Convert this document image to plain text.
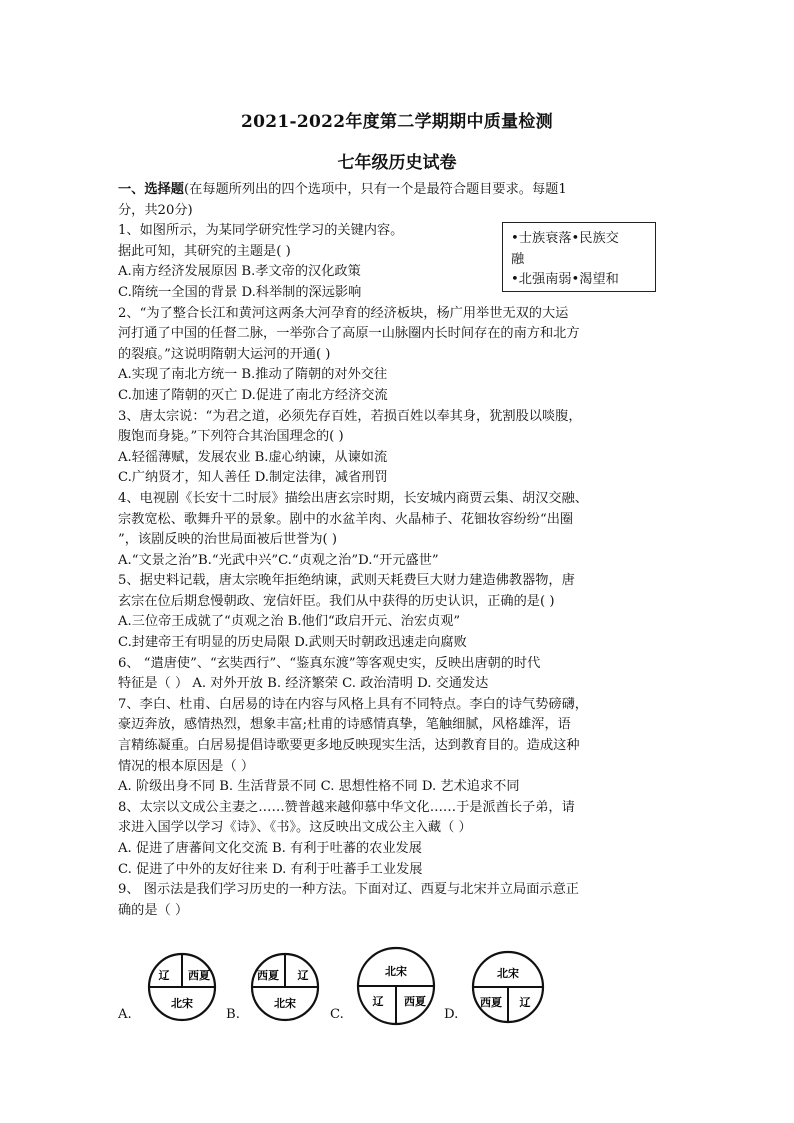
2021-2022年度第二学期期中质量检测
七年级历史试卷
•士族衰落•民族交
融
•北强南弱•渴望和
一、选择题(在每题所列出的四个选项中，只有一个是最符合题目要求。每题1
分，共20分)
1、如图所示，为某同学研究性学习的关键内容。
据此可知，其研究的主题是( )
A.南方经济发展原因 B.孝文帝的汉化政策
C.隋统一全国的背景 D.科举制的深远影响
2、“为了整合长江和黄河这两条大河孕育的经济板块，杨广用举世无双的大运
河打通了中国的任督二脉，一举弥合了高原一山脉圈内长时间存在的南方和北方
的裂痕。”这说明隋朝大运河的开通( )
A.实现了南北方统一 B.推动了隋朝的对外交往
C.加速了隋朝的灭亡 D.促进了南北方经济交流
3、唐太宗说：“为君之道，必须先存百姓，若损百姓以奉其身，犹割股以啖腹，
腹饱而身毙。”下列符合其治国理念的( )
A.轻徭薄赋，发展农业 B.虚心纳谏，从谏如流
C.广纳贤才，知人善任 D.制定法律，减省刑罚
4、电视剧《长安十二时辰》描绘出唐玄宗时期，长安城内商贾云集、胡汉交融、
宗教宽松、歌舞升平的景象。剧中的水盆羊肉、火晶柿子、花钿妆容纷纷“出圈
”，该剧反映的治世局面被后世誉为( )
A.“文景之治”B.“光武中兴”C.“贞观之治”D.“开元盛世”
5、据史料记载，唐太宗晚年拒绝纳谏，武则天耗费巨大财力建造佛教器物，唐
玄宗在位后期怠慢朝政、宠信奸臣。我们从中获得的历史认识，正确的是( )
A.三位帝王成就了“贞观之治 B.他们“政启开元、治宏贞观”
C.封建帝王有明显的历史局限 D.武则天时朝政迅速走向腐败
6、 “遣唐使”、“玄奘西行”、“鉴真东渡”等客观史实，反映出唐朝的时代
特征是（ ） A. 对外开放 B. 经济繁荣 C. 政治清明 D. 交通发达
7、李白、杜甫、白居易的诗在内容与风格上具有不同特点。李白的诗气势磅礴，
豪迈奔放，感情热烈，想象丰富;杜甫的诗感情真挚，笔触细腻，风格雄浑，语
言精练凝重。白居易提倡诗歌要更多地反映现实生活，达到教育目的。造成这种
情况的根本原因是（ ）
A. 阶级出身不同 B. 生活背景不同 C. 思想性格不同 D. 艺术追求不同
8、太宗以文成公主妻之……赞普越来越仰慕中华文化……于是派酋长子弟，请
求进入国学以学习《诗》、《书》。这反映出文成公主入藏（ ）
A. 促进了唐蕃间文化交流 B. 有利于吐蕃的农业发展
C. 促进了中外的友好往来 D. 有利于吐蕃手工业发展
9、 图示法是我们学习历史的一种方法。下面对辽、西夏与北宋并立局面示意正
确的是（ ）
A.
辽 西夏
北宋
B.
西夏 辽
北宋
C.
北宋
辽 西夏
D.
北宋
西夏 辽
